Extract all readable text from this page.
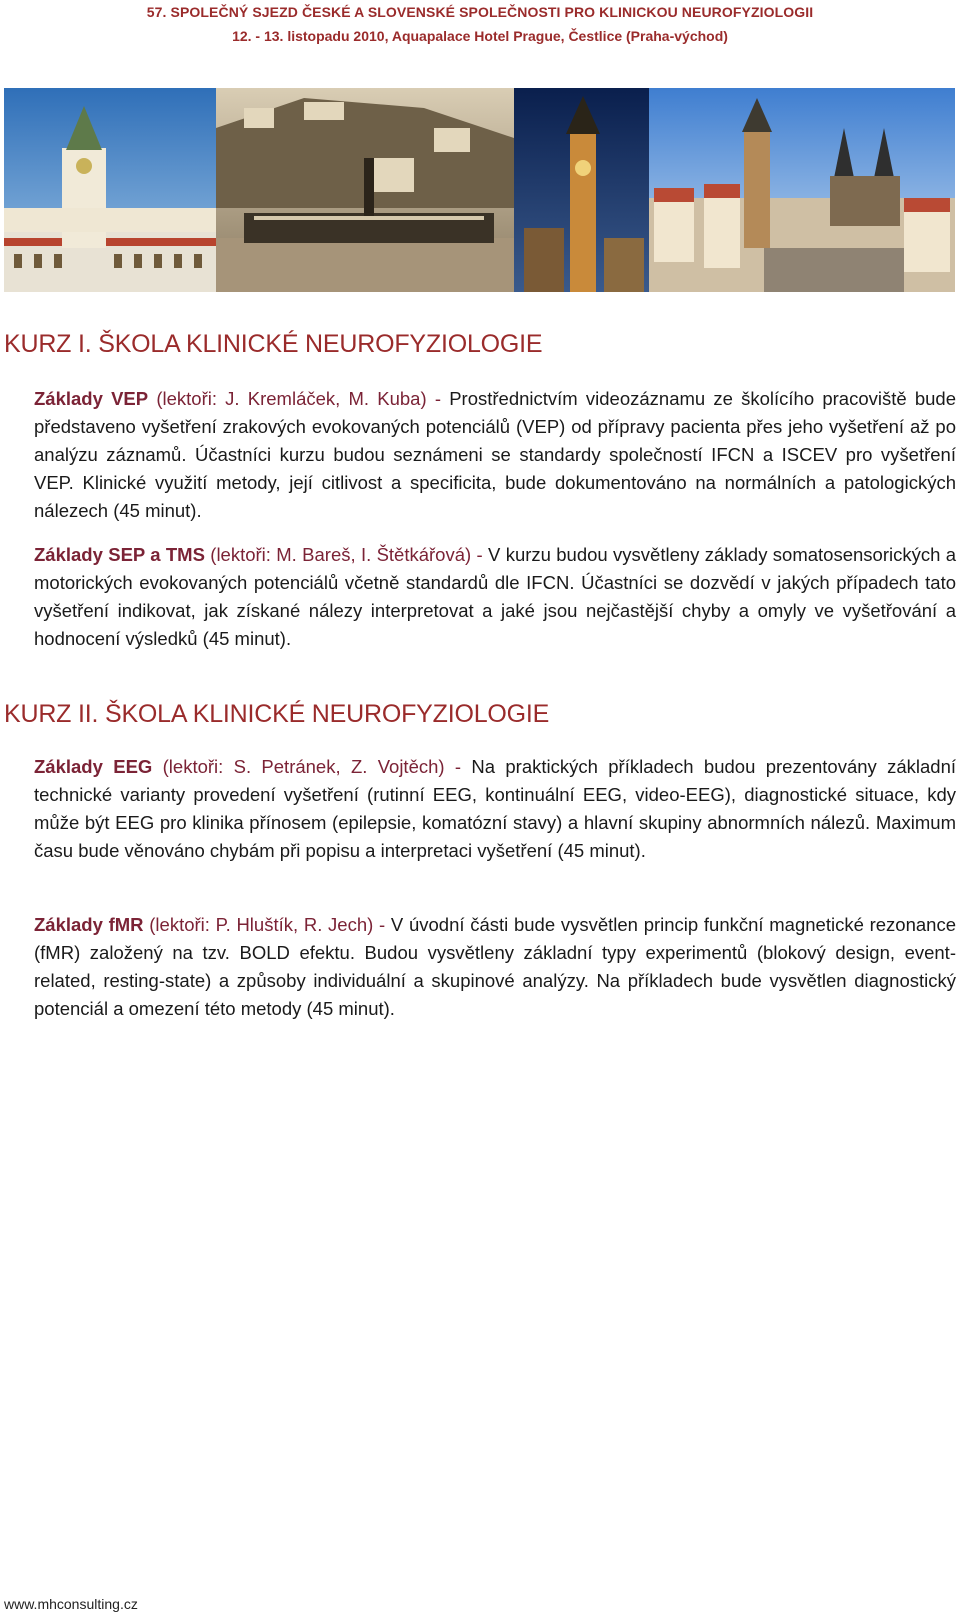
57. SPOLEČNÝ SJEZD ČESKÉ A SLOVENSKÉ SPOLEČNOSTI PRO KLINICKOU NEUROFYZIOLOGII
12. - 13. listopadu 2010, Aquapalace Hotel Prague, Čestlice (Praha-východ)
KURZ I. ŠKOLA KLINICKÉ NEUROFYZIOLOGIE
Základy VEP (lektoři: J. Kremláček, M. Kuba) - Prostřednictvím videozáznamu ze školícího pracoviště bude představeno vyšetření zrakových evokovaných potenciálů (VEP) od přípravy pacienta přes jeho vyšetření až po analýzu záznamů. Účastníci kurzu budou seznámeni se standardy společností IFCN a ISCEV pro vyšetření VEP. Klinické využití metody, její citlivost a specificita, bude dokumentováno na normálních a patologických nálezech (45 minut).
Základy SEP a TMS (lektoři: M. Bareš, I. Štětkářová) - V kurzu budou vysvětleny základy somatosensorických a motorických evokovaných potenciálů včetně standardů dle IFCN. Účastníci se dozvědí v jakých případech tato vyšetření indikovat, jak získané nálezy interpretovat a jaké jsou nejčastější chyby a omyly ve vyšetřování a hodnocení výsledků (45 minut).
KURZ II. ŠKOLA KLINICKÉ NEUROFYZIOLOGIE
Základy EEG (lektoři: S. Petránek, Z. Vojtěch) - Na praktických příkladech budou prezentovány základní technické varianty provedení vyšetření (rutinní EEG, kontinuální EEG, video-EEG), diagnostické situace, kdy může být EEG pro klinika přínosem (epilepsie, komatózní stavy) a hlavní skupiny abnormních nálezů. Maximum času bude věnováno chybám při popisu a interpretaci vyšetření (45 minut).
Základy fMR (lektoři: P. Hluštík, R. Jech) - V úvodní části bude vysvětlen princip funkční magnetické rezonance (fMR) založený na tzv. BOLD efektu. Budou vysvětleny základní typy experimentů (blokový design, event-related, resting-state) a způsoby individuální a skupinové analýzy. Na příkladech bude vysvětlen diagnostický potenciál a omezení této metody (45 minut).
www.mhconsulting.cz
